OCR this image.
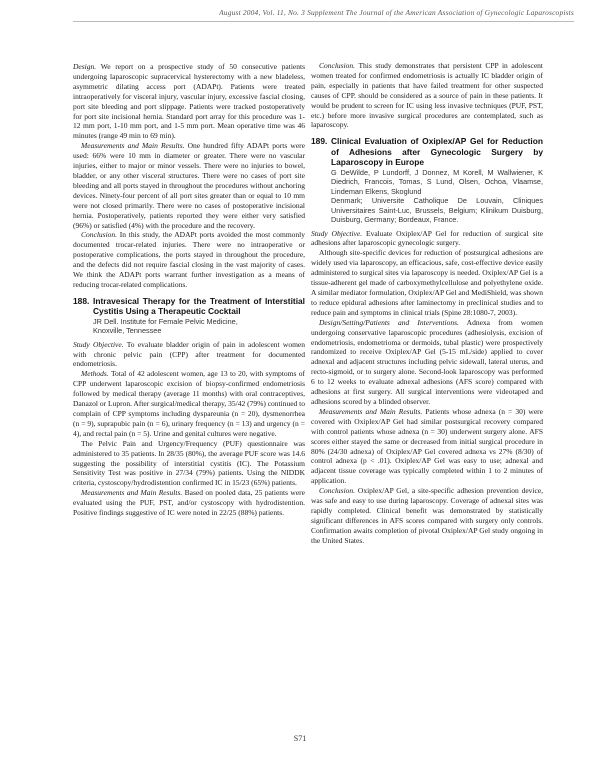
August 2004, Vol. 11, No. 3 Supplement The Journal of the American Association of Gynecologic Laparoscopists

Design. We report on a prospective study of 50 consecutive patients undergoing laparoscopic supracervical hysterectomy with a new bladeless, asymmetric dilating access port (ADAPt). Patients were treated intraoperatively for visceral injury, vascular injury, excessive fascial closing, port site bleeding and port slippage. Patients were tracked postoperatively for port site incisional hernia. Standard port array for this procedure was 1-12 mm port, 1-10 mm port, and 1-5 mm port. Mean operative time was 46 minutes (range 49 min to 69 min).

Measurements and Main Results. One hundred fifty ADAPt ports were used: 66% were 10 mm in diameter or greater. There were no vascular injuries, either to major or minor vessels. There were no injuries to bowel, bladder, or any other visceral structures. There were no cases of port site bleeding and all ports stayed in throughout the procedures without anchoring devices. Ninety-four percent of all port sites greater than or equal to 10 mm were not closed primarily. There were no cases of postoperative incisional hernia. Postoperatively, patients reported they were either very satisfied (96%) or satisfied (4%) with the procedure and the recovery.

Conclusion. In this study, the ADAPt ports avoided the most commonly documented trocar-related injuries. There were no intraoperative or postoperative complications, the ports stayed in throughout the procedure, and the defects did not require fascial closing in the vast majority of cases. We think the ADAPt ports warrant further investigation as a means of reducing trocar-related complications.

188. Intravesical Therapy for the Treatment of Interstitial Cystitis Using a Therapeutic Cocktail
JR Dell. Institute for Female Pelvic Medicine,
Knoxville, Tennessee

Study Objective. To evaluate bladder origin of pain in adolescent women with chronic pelvic pain (CPP) after treatment for documented endometriosis.

Methods. Total of 42 adolescent women, age 13 to 20, with symptoms of CPP underwent laparoscopic excision of biopsy-confirmed endometriosis followed by medical therapy (average 11 months) with oral contraceptives, Danazol or Lupron. After surgical/medical therapy, 35/42 (79%) continued to complain of CPP symptoms including dyspareunia (n = 20), dysmenorrhea (n = 9), suprapubic pain (n = 6), urinary frequency (n = 13) and urgency (n = 4), and rectal pain (n = 5). Urine and genital cultures were negative.

The Pelvic Pain and Urgency/Frequency (PUF) questionnaire was administered to 35 patients. In 28/35 (80%), the average PUF score was 14.6 suggesting the possibility of interstitial cystitis (IC). The Potassium Sensitivity Test was positive in 27/34 (79%) patients. Using the NIDDK criteria, cystoscopy/hydrodistention confirmed IC in 15/23 (65%) patients.

Measurements and Main Results. Based on pooled data, 25 patients were evaluated using the PUF, PST, and/or cystoscopy with hydrodistention. Positive findings suggestive of IC were noted in 22/25 (88%) patients.

Conclusion. This study demonstrates that persistent CPP in adolescent women treated for confirmed endometriosis is actually IC bladder origin of pain, especially in patients that have failed treatment for other suspected causes of CPP. should be considered as a source of pain in these patients. It would be prudent to screen for IC using less invasive techniques (PUF, PST, etc.) before more invasive surgical procedures are contemplated, such as laparoscopy.

189. Clinical Evaluation of Oxiplex/AP Gel for Reduction of Adhesions after Gynecologic Surgery by Laparoscopy in Europe
G DeWilde, P Lundorff, J Donnez, M Korell, M Wallwiener, K Diedrich, Francois, Tomas, S Lund, Olsen, Ochoa, Vlaamse, Lindeman Elkens, Skoglund
Denmark; Universite Catholique De Louvain, Cliniques Universitaires Saint-Luc, Brussels, Belgium; Klinikum Duisburg, Duisburg, Germany; Bordeaux, France.

Study Objective. Evaluate Oxiplex/AP Gel for reduction of surgical site adhesions after laparoscopic gynecologic surgery.

Although site-specific devices for reduction of postsurgical adhesions are widely used via laparoscopy, an efficacious, safe, cost-effective device easily administered to surgical sites via laparoscopy is needed. Oxiplex/AP Gel is a tissue-adherent gel made of carboxymethylcellulose and polyethylene oxide. A similar mediator formulation, Oxiplex/AP Gel and MediShield, was shown to reduce epidural adhesions after laminectomy in preclinical studies and to reduce pain and symptoms in clinical trials (Spine 28:1080-7, 2003).

Design/Setting/Patients and Interventions. Adnexa from women undergoing conservative laparoscopic procedures (adhesiolysis, excision of endometriosis, endometrioma or dermoids, tubal plastic) were prospectively randomized to receive Oxiplex/AP Gel (5-15 mL/side) applied to cover adnexal and adjacent structures including pelvic sidewall, lateral uterus, and recto-sigmoid, or to surgery alone. Second-look laparoscopy was performed 6 to 12 weeks to evaluate adnexal adhesions (AFS score) compared with adhesions at first surgery. All surgical interventions were videotaped and adhesions scored by a blinded observer.

Measurements and Main Results. Patients whose adnexa (n = 30) were covered with Oxiplex/AP Gel had similar postsurgical recovery compared with control patients whose adnexa (n = 30) underwent surgery alone. AFS scores either stayed the same or decreased from initial surgical procedure in 80% (24/30 adnexa) of Oxiplex/AP Gel covered adnexa vs 27% (8/30) of control adnexa (p < .01). Oxiplex/AP Gel was easy to use; adnexal and adjacent tissue coverage was typically completed within 1 to 2 minutes of application.

Conclusion. Oxiplex/AP Gel, a site-specific adhesion prevention device, was safe and easy to use during laparoscopy. Coverage of adnexal sites was rapidly completed. Clinical benefit was demonstrated by statistically significant differences in AFS scores compared with surgery only controls. Confirmation awaits completion of pivotal Oxiplex/AP Gel study ongoing in the United States.

S71
